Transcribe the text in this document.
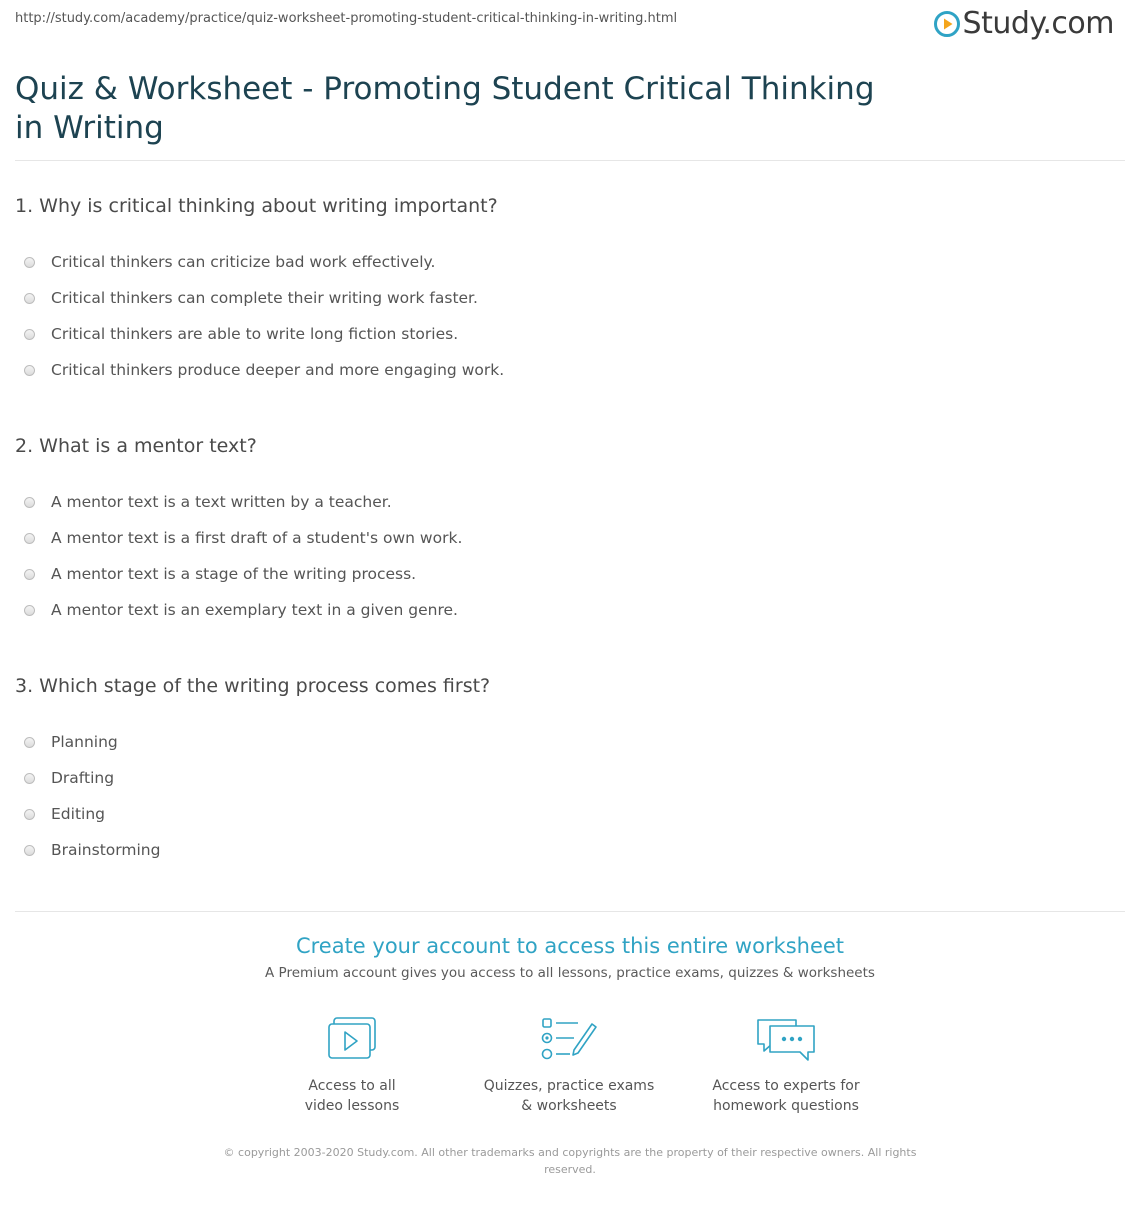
http://study.com/academy/practice/quiz-worksheet-promoting-student-critical-thinking-in-writing.html	Study.com
Quiz & Worksheet - Promoting Student Critical Thinking in Writing
1. Why is critical thinking about writing important?
Critical thinkers can criticize bad work effectively.
Critical thinkers can complete their writing work faster.
Critical thinkers are able to write long fiction stories.
Critical thinkers produce deeper and more engaging work.
2. What is a mentor text?
A mentor text is a text written by a teacher.
A mentor text is a first draft of a student's own work.
A mentor text is a stage of the writing process.
A mentor text is an exemplary text in a given genre.
3. Which stage of the writing process comes first?
Planning
Drafting
Editing
Brainstorming
Create your account to access this entire worksheet
A Premium account gives you access to all lessons, practice exams, quizzes & worksheets
Access to all
video lessons
Quizzes, practice exams
& worksheets
Access to experts for
homework questions
© copyright 2003-2020 Study.com. All other trademarks and copyrights are the property of their respective owners. All rights reserved.
